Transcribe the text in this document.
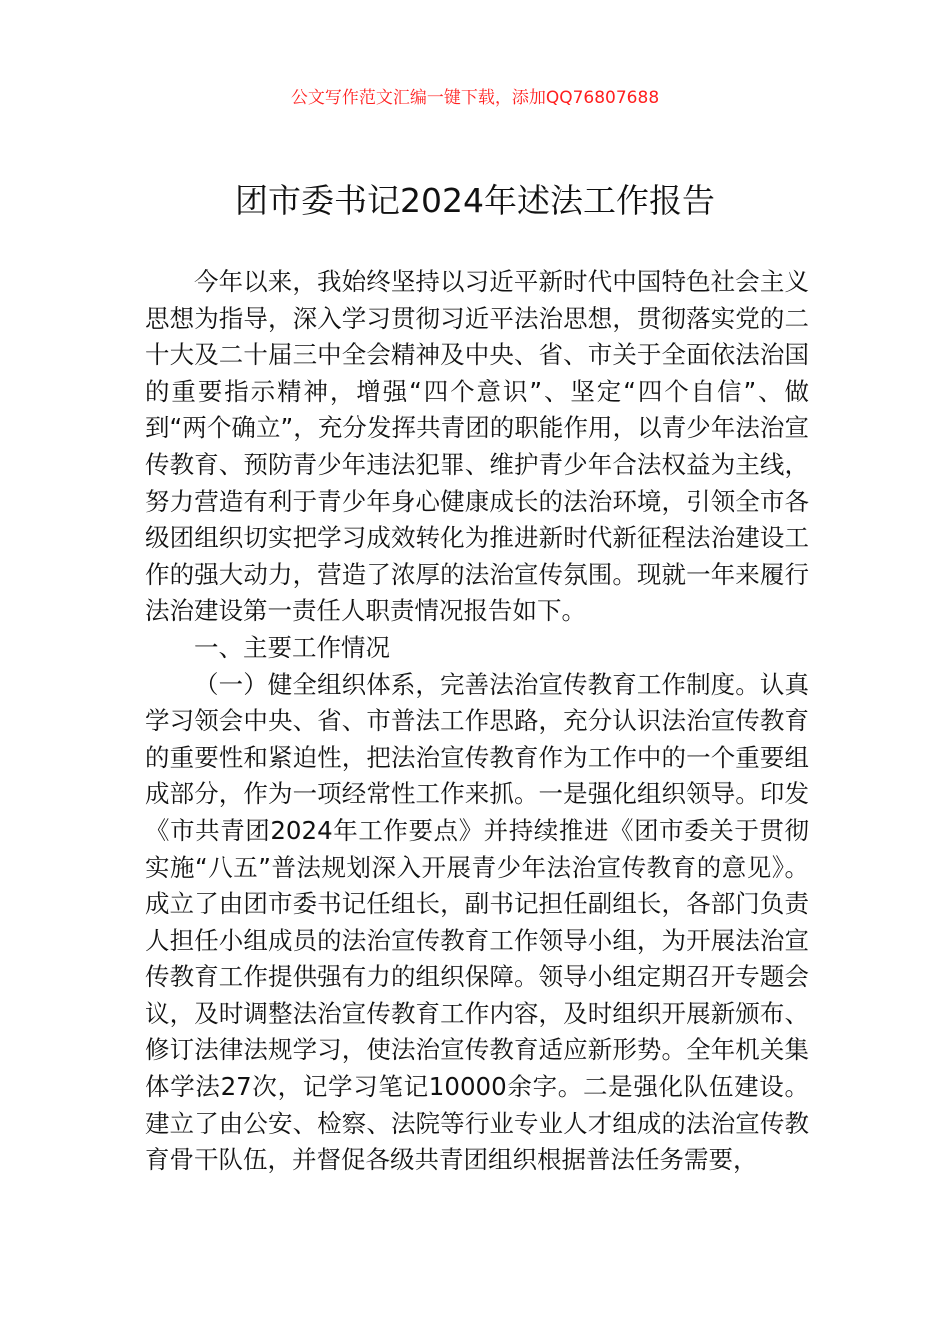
公文写作范文汇编一键下载，添加QQ76807688
团市委书记2024年述法工作报告

今年以来，我始终坚持以习近平新时代中国特色社会主义思想为指导，深入学习贯彻习近平法治思想，贯彻落实党的二十大及二十届三中全会精神及中央、省、市关于全面依法治国的重要指示精神，增强“四个意识”、坚定“四个自信”、做到“两个确立”，充分发挥共青团的职能作用，以青少年法治宣传教育、预防青少年违法犯罪、维护青少年合法权益为主线，努力营造有利于青少年身心健康成长的法治环境，引领全市各级团组织切实把学习成效转化为推进新时代新征程法治建设工作的强大动力，营造了浓厚的法治宣传氛围。现就一年来履行法治建设第一责任人职责情况报告如下。

一、主要工作情况

（一）健全组织体系，完善法治宣传教育工作制度。认真学习领会中央、省、市普法工作思路，充分认识法治宣传教育的重要性和紧迫性，把法治宣传教育作为工作中的一个重要组成部分，作为一项经常性工作来抓。一是强化组织领导。印发《市共青团2024年工作要点》并持续推进《团市委关于贯彻实施“八五”普法规划深入开展青少年法治宣传教育的意见》。成立了由团市委书记任组长，副书记担任副组长，各部门负责人担任小组成员的法治宣传教育工作领导小组，为开展法治宣传教育工作提供强有力的组织保障。领导小组定期召开专题会议，及时调整法治宣传教育工作内容，及时组织开展新颁布、修订法律法规学习，使法治宣传教育适应新形势。全年机关集体学法27次，记学习笔记10000余字。二是强化队伍建设。建立了由公安、检察、法院等行业专业人才组成的法治宣传教育骨干队伍，并督促各级共青团组织根据普法任务需要，
